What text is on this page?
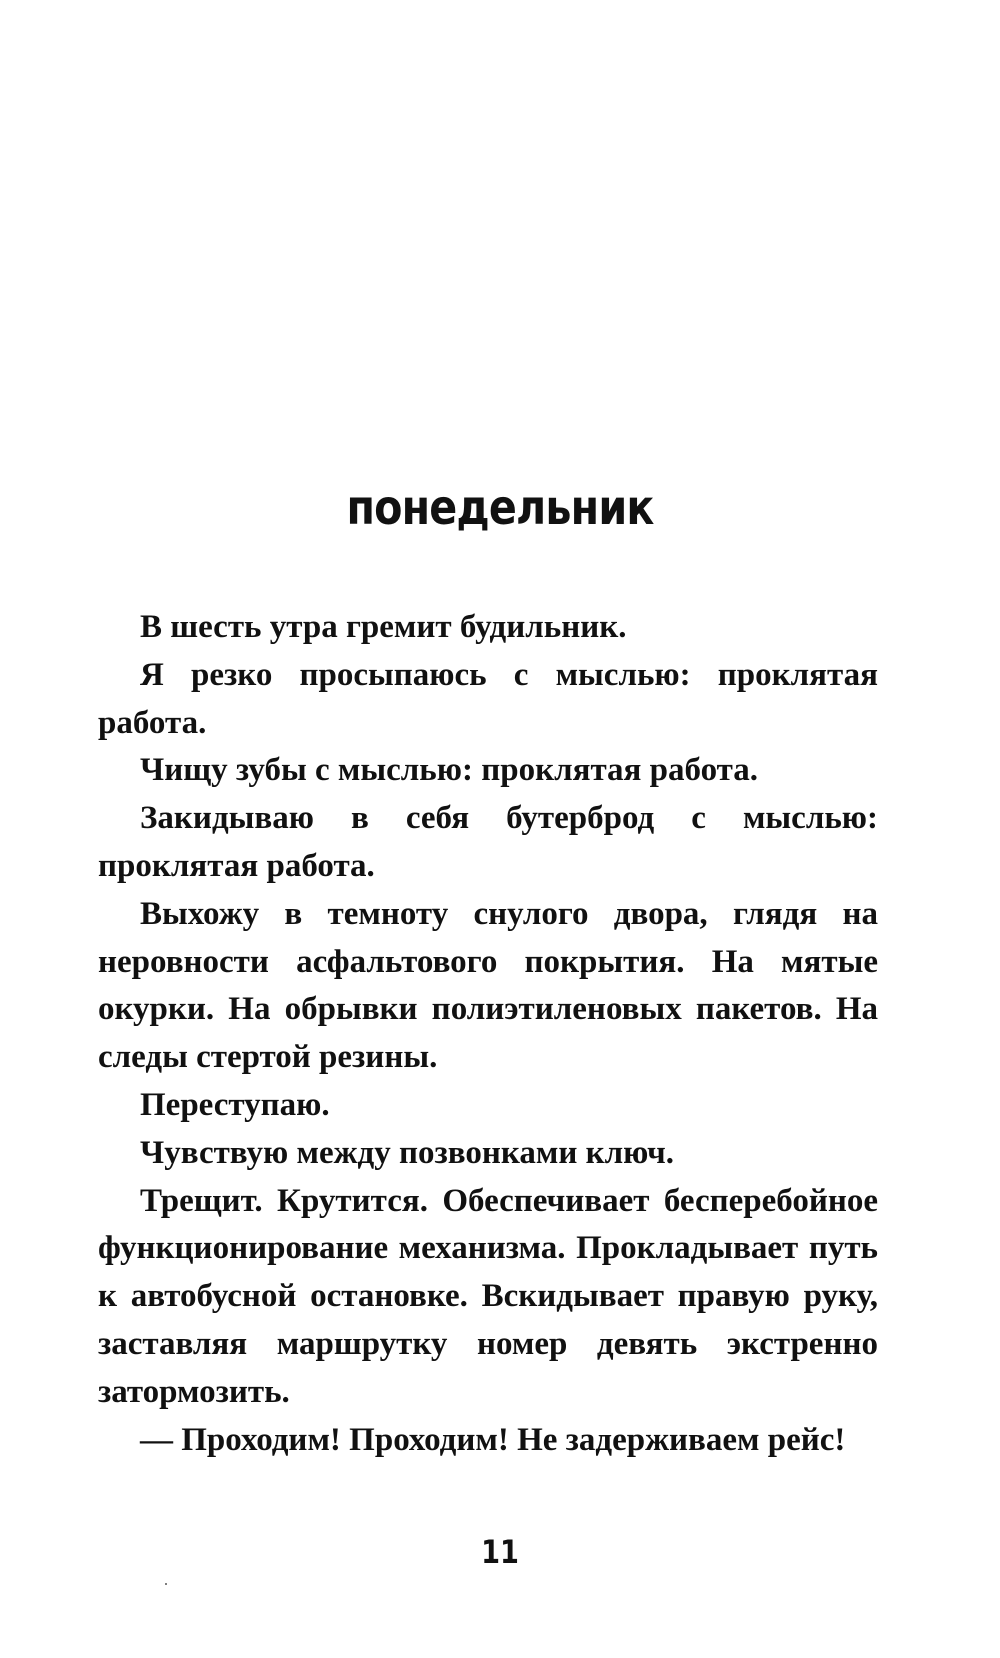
понедельник

В шесть утра гремит будильник.

Я резко просыпаюсь с мыслью: проклятая работа.

Чищу зубы с мыслью: проклятая работа.

Закидываю в себя бутерброд с мыслью: проклятая работа.

Выхожу в темноту снулого двора, глядя на неровности асфальтового покрытия. На мятые окурки. На обрывки полиэтиленовых пакетов. На следы стертой резины.

Переступаю.

Чувствую между позвонками ключ.

Трещит. Крутится. Обеспечивает бесперебойное функционирование механизма. Прокладывает путь к автобусной остановке. Вскидывает правую руку, заставляя маршрутку номер девять экстренно затормозить.

— Проходим! Проходим! Не задерживаем рейс!

11
